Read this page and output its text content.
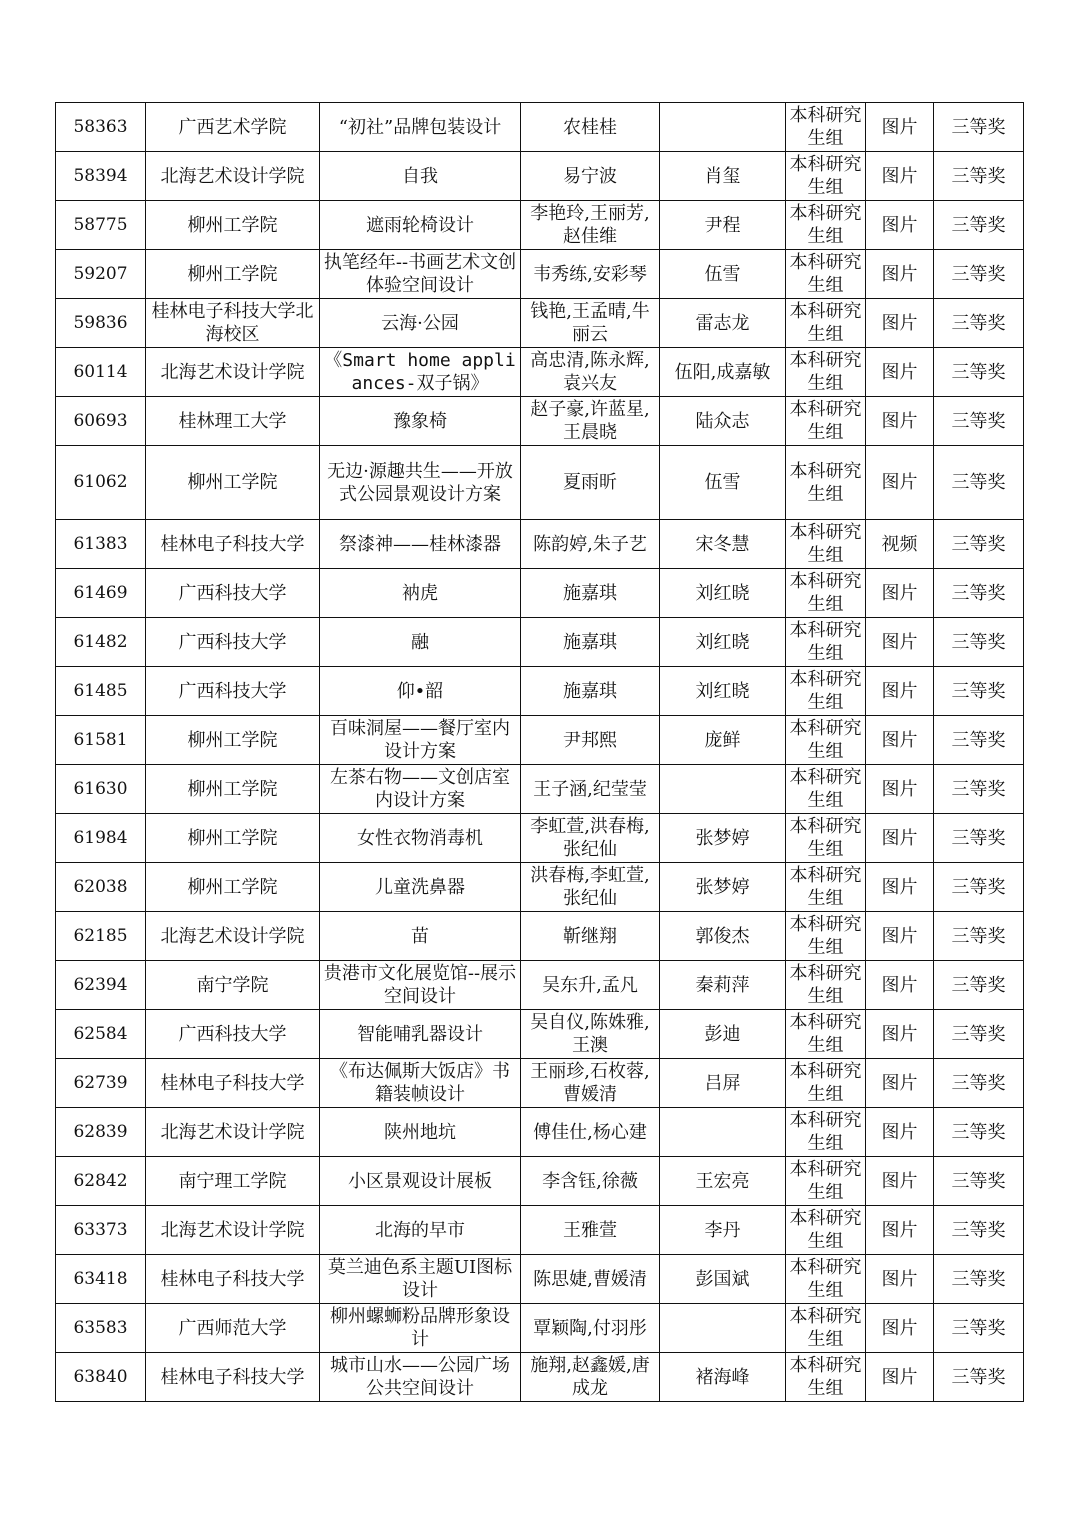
58363	广西艺术学院	“初社”品牌包装设计	农桂桂		本科研究生组	图片	三等奖
58394	北海艺术设计学院	自我	易宁波	肖玺	本科研究生组	图片	三等奖
58775	柳州工学院	遮雨轮椅设计	李艳玲,王丽芳,赵佳维	尹程	本科研究生组	图片	三等奖
59207	柳州工学院	执笔经年--书画艺术文创体验空间设计	韦秀练,安彩琴	伍雪	本科研究生组	图片	三等奖
59836	桂林电子科技大学北海校区	云海·公园	钱艳,王孟晴,牛丽云	雷志龙	本科研究生组	图片	三等奖
60114	北海艺术设计学院	《Smart home appliances-双子锅》	高忠清,陈永辉,袁兴友	伍阳,成嘉敏	本科研究生组	图片	三等奖
60693	桂林理工大学	豫象椅	赵子豪,许蓝星,王晨晓	陆众志	本科研究生组	图片	三等奖
61062	柳州工学院	无边·源趣共生——开放式公园景观设计方案	夏雨昕	伍雪	本科研究生组	图片	三等奖
61383	桂林电子科技大学	祭漆神——桂林漆器	陈韵婷,朱子艺	宋冬慧	本科研究生组	视频	三等奖
61469	广西科技大学	衲虎	施嘉琪	刘红晓	本科研究生组	图片	三等奖
61482	广西科技大学	融	施嘉琪	刘红晓	本科研究生组	图片	三等奖
61485	广西科技大学	仰•韶	施嘉琪	刘红晓	本科研究生组	图片	三等奖
61581	柳州工学院	百味洞屋——餐厅室内设计方案	尹邦熙	庞鲜	本科研究生组	图片	三等奖
61630	柳州工学院	左茶右物——文创店室内设计方案	王子涵,纪莹莹		本科研究生组	图片	三等奖
61984	柳州工学院	女性衣物消毒机	李虹萱,洪春梅,张纪仙	张梦婷	本科研究生组	图片	三等奖
62038	柳州工学院	儿童洗鼻器	洪春梅,李虹萱,张纪仙	张梦婷	本科研究生组	图片	三等奖
62185	北海艺术设计学院	苗	靳继翔	郭俊杰	本科研究生组	图片	三等奖
62394	南宁学院	贵港市文化展览馆--展示空间设计	吴东升,孟凡	秦莉萍	本科研究生组	图片	三等奖
62584	广西科技大学	智能哺乳器设计	吴自仪,陈姝雅,王澳	彭迪	本科研究生组	图片	三等奖
62739	桂林电子科技大学	《布达佩斯大饭店》书籍装帧设计	王丽珍,石枚蓉,曹媛清	吕屏	本科研究生组	图片	三等奖
62839	北海艺术设计学院	陕州地坑	傅佳仕,杨心建		本科研究生组	图片	三等奖
62842	南宁理工学院	小区景观设计展板	李含钰,徐薇	王宏亮	本科研究生组	图片	三等奖
63373	北海艺术设计学院	北海的早市	王雅萱	李丹	本科研究生组	图片	三等奖
63418	桂林电子科技大学	莫兰迪色系主题UI图标设计	陈思婕,曹媛清	彭国斌	本科研究生组	图片	三等奖
63583	广西师范大学	柳州螺蛳粉品牌形象设计	覃颖陶,付羽彤		本科研究生组	图片	三等奖
63840	桂林电子科技大学	城市山水——公园广场公共空间设计	施翔,赵鑫媛,唐成龙	褚海峰	本科研究生组	图片	三等奖
